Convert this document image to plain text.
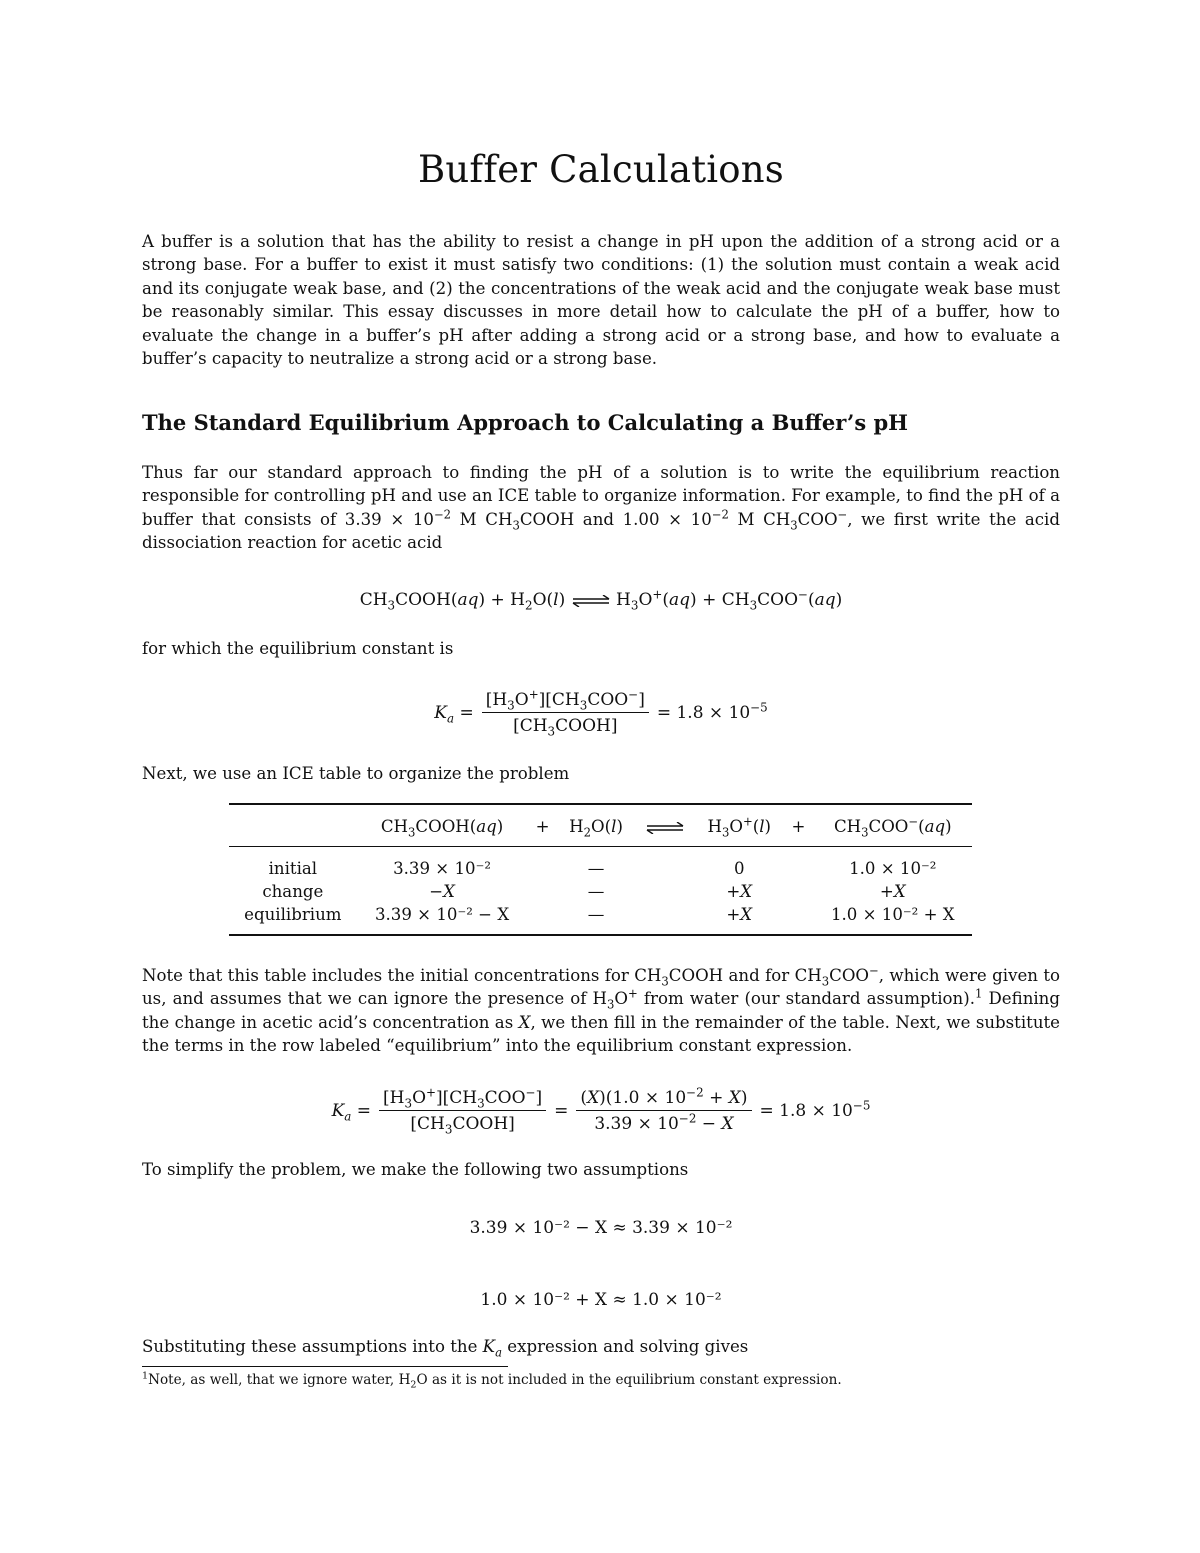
Buffer Calculations

A buffer is a solution that has the ability to resist a change in pH upon the addition of a strong acid or a strong base. For a buffer to exist it must satisfy two conditions: (1) the solution must contain a weak acid and its conjugate weak base, and (2) the concentrations of the weak acid and the conjugate weak base must be reasonably similar. This essay discusses in more detail how to calculate the pH of a buffer, how to evaluate the change in a buffer’s pH after adding a strong acid or a strong base, and how to evaluate a buffer’s capacity to neutralize a strong acid or a strong base.

The Standard Equilibrium Approach to Calculating a Buffer’s pH

Thus far our standard approach to finding the pH of a solution is to write the equilibrium reaction responsible for controlling pH and use an ICE table to organize information. For example, to find the pH of a buffer that consists of $3.39 \times 10^{-2}$ M $CH_3COOH$ and $1.00 \times 10^{-2}$ M $CH_3COO^-$, we first write the acid dissociation reaction for acetic acid

$CH_3COOH(aq) + H_2O(l)$ ⇌ $H_3O^+(aq) + CH_3COO^-(aq)$

for which the equilibrium constant is

$K_a = \frac{[H_3O^+][CH_3COO^-]}{[CH_3COOH]} = 1.8 \times 10^{-5}$

Next, we use an ICE table to organize the problem

	$CH_3COOH(aq)$	+	$H_2O(l)$		$H_3O^+(l)$	+	$CH_3COO^-(aq)$
initial	3.39 × 10⁻²		—		0		1.0 × 10⁻²
change	−X		—		+X		+X
equilibrium	3.39 × 10⁻² − X		—		+X		1.0 × 10⁻² + X

Note that this table includes the initial concentrations for $CH_3COOH$ and for $CH_3COO^-$, which were given to us, and assumes that we can ignore the presence of $H_3O^+$ from water (our standard assumption).$^1$ Defining the change in acetic acid’s concentration as X, we then fill in the remainder of the table. Next, we substitute the terms in the row labeled “equilibrium” into the equilibrium constant expression.

$K_a = \frac{[H_3O^+][CH_3COO^-]}{[CH_3COOH]} = \frac{(X)(1.0 \times 10^{-2} + X)}{3.39 \times 10^{-2} - X} = 1.8 \times 10^{-5}$

To simplify the problem, we make the following two assumptions

3.39 × 10⁻² − X ≈ 3.39 × 10⁻²
1.0 × 10⁻² + X ≈ 1.0 × 10⁻²

Substituting these assumptions into the $K_a$ expression and solving gives

$^1$Note, as well, that we ignore water, $H_2O$ as it is not included in the equilibrium constant expression.
